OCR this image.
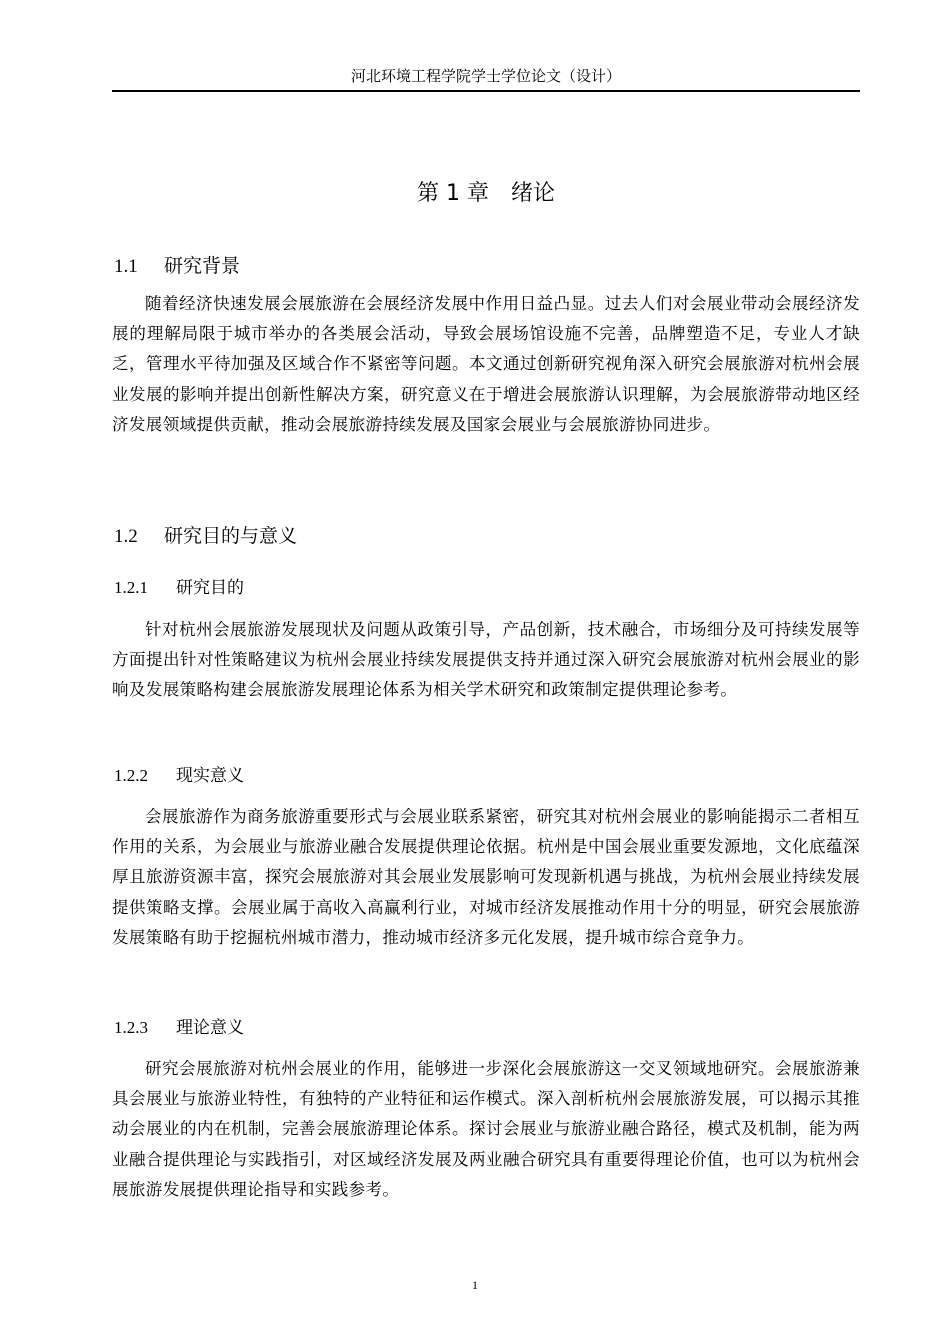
河北环境工程学院学士学位论文（设计）
第 1 章 绪论
1.1 研究背景

随着经济快速发展会展旅游在会展经济发展中作用日益凸显。过去人们对会展业带动会展经济发展的理解局限于城市举办的各类展会活动，导致会展场馆设施不完善，品牌塑造不足，专业人才缺乏，管理水平待加强及区域合作不紧密等问题。本文通过创新研究视角深入研究会展旅游对杭州会展业发展的影响并提出创新性解决方案，研究意义在于增进会展旅游认识理解，为会展旅游带动地区经济发展领域提供贡献，推动会展旅游持续发展及国家会展业与会展旅游协同进步。

1.2 研究目的与意义
1.2.1 研究目的

针对杭州会展旅游发展现状及问题从政策引导，产品创新，技术融合，市场细分及可持续发展等方面提出针对性策略建议为杭州会展业持续发展提供支持并通过深入研究会展旅游对杭州会展业的影响及发展策略构建会展旅游发展理论体系为相关学术研究和政策制定提供理论参考。

1.2.2 现实意义

会展旅游作为商务旅游重要形式与会展业联系紧密，研究其对杭州会展业的影响能揭示二者相互作用的关系，为会展业与旅游业融合发展提供理论依据。杭州是中国会展业重要发源地，文化底蕴深厚且旅游资源丰富，探究会展旅游对其会展业发展影响可发现新机遇与挑战，为杭州会展业持续发展提供策略支撑。会展业属于高收入高赢利行业，对城市经济发展推动作用十分的明显，研究会展旅游发展策略有助于挖掘杭州城市潜力，推动城市经济多元化发展，提升城市综合竞争力。

1.2.3 理论意义

研究会展旅游对杭州会展业的作用，能够进一步深化会展旅游这一交叉领域地研究。会展旅游兼具会展业与旅游业特性，有独特的产业特征和运作模式。深入剖析杭州会展旅游发展，可以揭示其推动会展业的内在机制，完善会展旅游理论体系。探讨会展业与旅游业融合路径，模式及机制，能为两业融合提供理论与实践指引，对区域经济发展及两业融合研究具有重要得理论价值，也可以为杭州会展旅游发展提供理论指导和实践参考。

1
